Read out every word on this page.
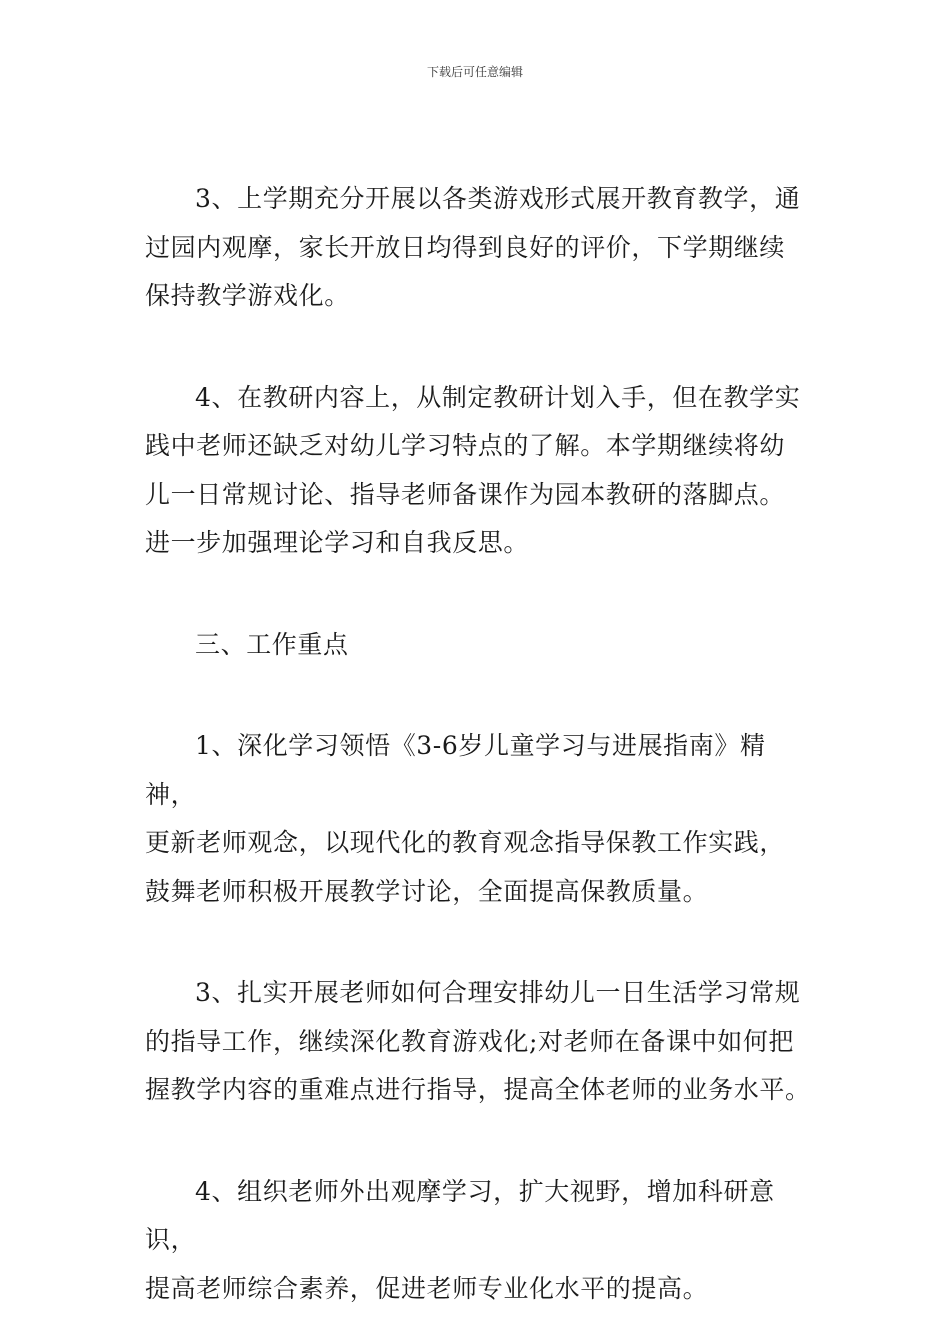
下载后可任意编辑

3、上学期充分开展以各类游戏形式展开教育教学，通
过园内观摩，家长开放日均得到良好的评价，下学期继续
保持教学游戏化。

4、在教研内容上，从制定教研计划入手，但在教学实
践中老师还缺乏对幼儿学习特点的了解。本学期继续将幼
儿一日常规讨论、指导老师备课作为园本教研的落脚点。
进一步加强理论学习和自我反思。

三、工作重点

1、深化学习领悟《3-6岁儿童学习与进展指南》精神，
更新老师观念，以现代化的教育观念指导保教工作实践，
鼓舞老师积极开展教学讨论，全面提高保教质量。

3、扎实开展老师如何合理安排幼儿一日生活学习常规
的指导工作，继续深化教育游戏化;对老师在备课中如何把
握教学内容的重难点进行指导，提高全体老师的业务水平。

4、组织老师外出观摩学习，扩大视野，增加科研意识，
提高老师综合素养，促进老师专业化水平的提高。
